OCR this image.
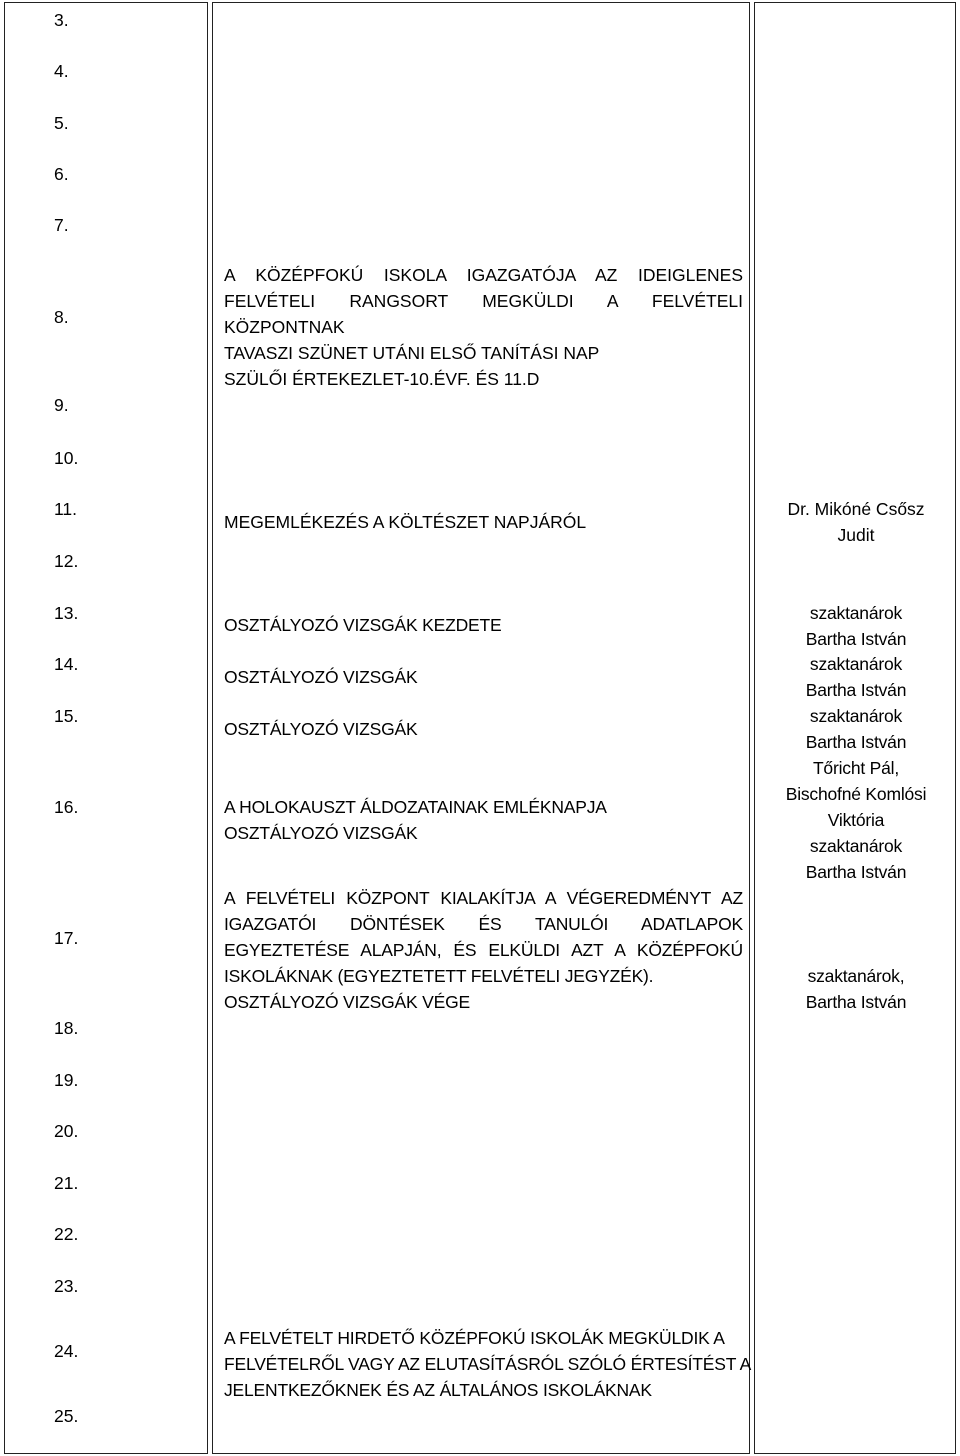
3.
4.
5.
6.
7.
8.
9.
10.
11.
12.
13.
14.
15.
16.
17.
18.
19.
20.
21.
22.
23.
24.
25.
A KÖZÉPFOKÚ ISKOLA IGAZGATÓJA AZ IDEIGLENES
FELVÉTELI RANGSORT MEGKÜLDI A FELVÉTELI
KÖZPONTNAK
TAVASZI SZÜNET UTÁNI ELSŐ TANÍTÁSI NAP
SZÜLŐI ÉRTEKEZLET-10.ÉVF. ÉS 11.D
MEGEMLÉKEZÉS A KÖLTÉSZET NAPJÁRÓL
OSZTÁLYOZÓ VIZSGÁK KEZDETE
OSZTÁLYOZÓ VIZSGÁK
OSZTÁLYOZÓ VIZSGÁK
A HOLOKAUSZT ÁLDOZATAINAK EMLÉKNAPJA
OSZTÁLYOZÓ VIZSGÁK
A FELVÉTELI KÖZPONT KIALAKÍTJA A VÉGEREDMÉNYT AZ
IGAZGATÓI DÖNTÉSEK ÉS TANULÓI ADATLAPOK
EGYEZTETÉSE ALAPJÁN, ÉS ELKÜLDI AZT A KÖZÉPFOKÚ
ISKOLÁKNAK (EGYEZTETETT FELVÉTELI JEGYZÉK).
OSZTÁLYOZÓ VIZSGÁK VÉGE
A FELVÉTELT HIRDETŐ KÖZÉPFOKÚ ISKOLÁK MEGKÜLDIK A
FELVÉTELRŐL VAGY AZ ELUTASÍTÁSRÓL SZÓLÓ ÉRTESÍTÉST A
JELENTKEZŐKNEK ÉS AZ ÁLTALÁNOS ISKOLÁKNAK
Dr. Mikóné Csősz
Judit
szaktanárok
Bartha István
szaktanárok
Bartha István
szaktanárok
Bartha István
Tőricht Pál,
Bischofné Komlósi
Viktória
szaktanárok
Bartha István
szaktanárok,
Bartha István
